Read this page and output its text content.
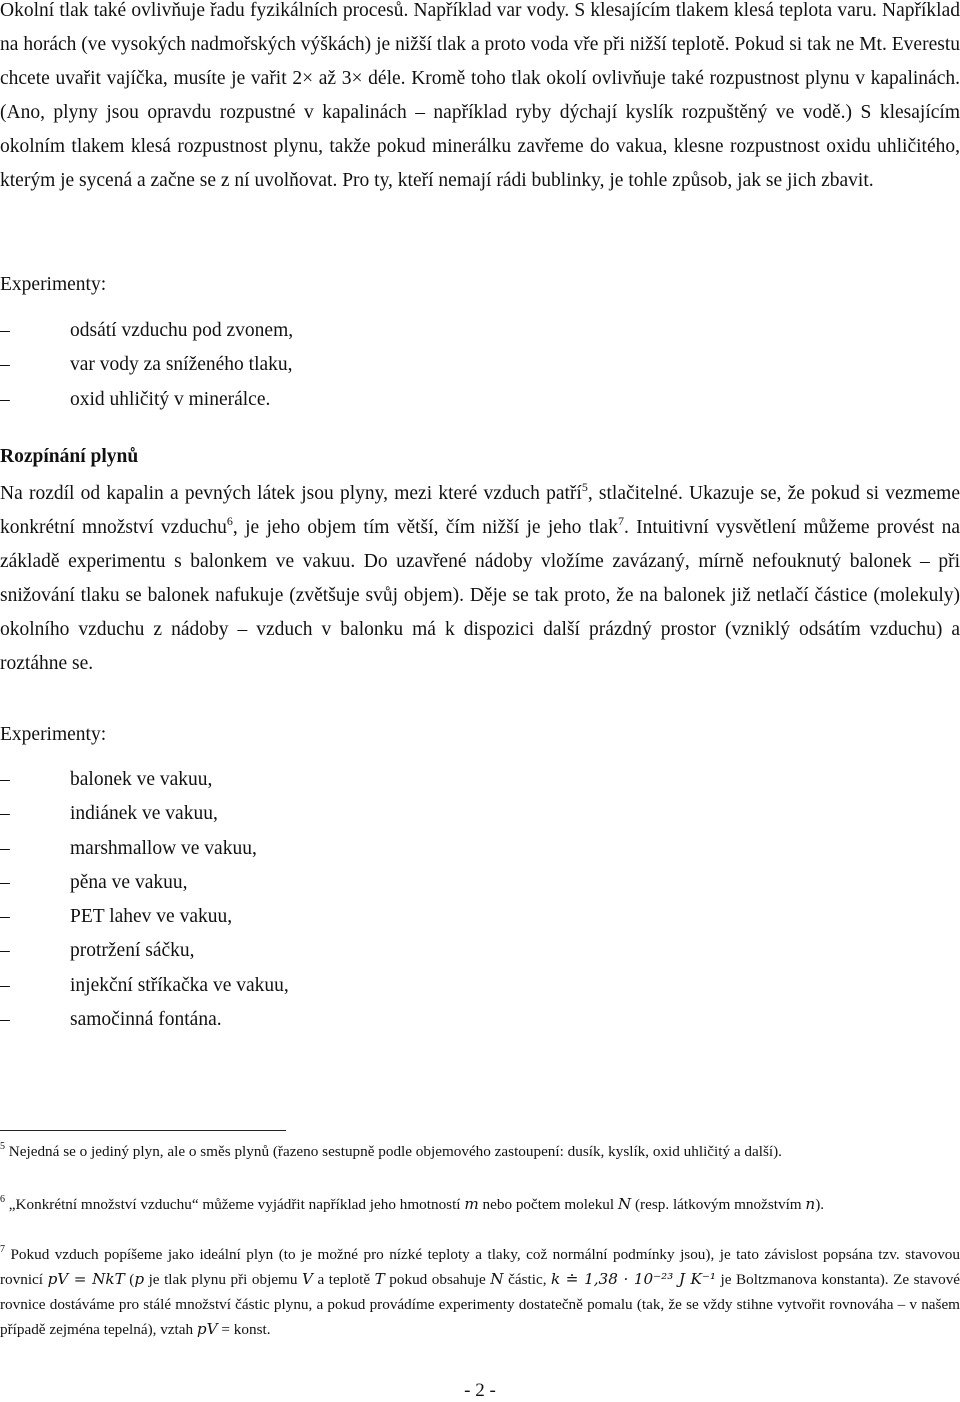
Okolní tlak také ovlivňuje řadu fyzikálních procesů. Například var vody. S klesajícím tlakem klesá teplota varu. Například na horách (ve vysokých nadmořských výškách) je nižší tlak a proto voda vře při nižší teplotě. Pokud si tak ne Mt. Everestu chcete uvařit vajíčka, musíte je vařit 2× až 3× déle. Kromě toho tlak okolí ovlivňuje také rozpustnost plynu v kapalinách. (Ano, plyny jsou opravdu rozpustné v kapalinách – například ryby dýchají kyslík rozpuštěný ve vodě.) S klesajícím okolním tlakem klesá rozpustnost plynu, takže pokud minerálku zavřeme do vakua, klesne rozpustnost oxidu uhličitého, kterým je sycená a začne se z ní uvolňovat. Pro ty, kteří nemají rádi bublinky, je tohle způsob, jak se jich zbavit.

Experimenty:

–	odsátí vzduchu pod zvonem,
–	var vody za sníženého tlaku,
–	oxid uhličitý v minerálce.

Rozpínání plynů

Na rozdíl od kapalin a pevných látek jsou plyny, mezi které vzduch patří$^5$, stlačitelné. Ukazuje se, že pokud si vezmeme konkrétní množství vzduchu$^6$, je jeho objem tím větší, čím nižší je jeho tlak$^7$. Intuitivní vysvětlení můžeme provést na základě experimentu s balonkem ve vakuu. Do uzavřené nádoby vložíme zavázaný, mírně nefouknutý balonek – při snižování tlaku se balonek nafukuje (zvětšuje svůj objem). Děje se tak proto, že na balonek již netlačí částice (molekuly) okolního vzduchu z nádoby – vzduch v balonku má k dispozici další prázdný prostor (vzniklý odsátím vzduchu) a roztáhne se.

Experimenty:

–	balonek ve vakuu,
–	indiánek ve vakuu,
–	marshmallow ve vakuu,
–	pěna ve vakuu,
–	PET lahev ve vakuu,
–	protržení sáčku,
–	injekční stříkačka ve vakuu,
–	samočinná fontána.

$^5$ Nejedná se o jediný plyn, ale o směs plynů (řazeno sestupně podle objemového zastoupení: dusík, kyslík, oxid uhličitý a další).

$^6$ „Konkrétní množství vzduchu“ můžeme vyjádřit například jeho hmotností m nebo počtem molekul N (resp. látkovým množstvím n).

$^7$ Pokud vzduch popíšeme jako ideální plyn (to je možné pro nízké teploty a tlaky, což normální podmínky jsou), je tato závislost popsána tzv. stavovou rovnicí pV = NkT (p je tlak plynu při objemu V a teplotě T pokud obsahuje N částic, k ≐ 1,38 · 10⁻²³ J K⁻¹ je Boltzmanova konstanta). Ze stavové rovnice dostáváme pro stálé množství částic plynu, a pokud provádíme experimenty dostatečně pomalu (tak, že se vždy stihne vytvořit rovnováha – v našem případě zejména tepelná), vztah pV = konst.

- 2 -
